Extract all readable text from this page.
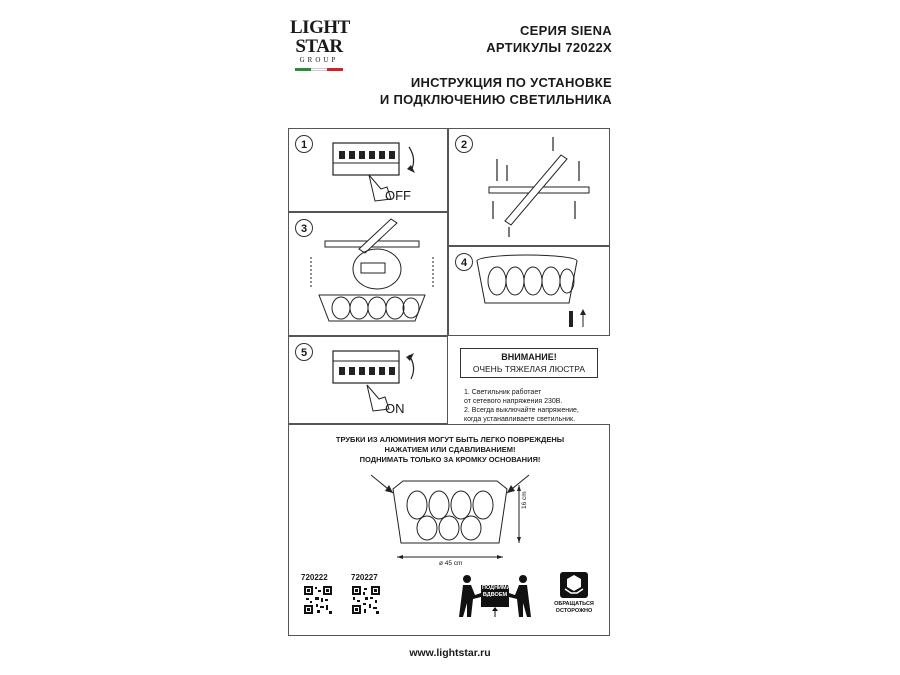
LIGHT
STAR
GROUP
СЕРИЯ SIENA
АРТИКУЛЫ 72022X
ИНСТРУКЦИЯ ПО УСТАНОВКЕ
И ПОДКЛЮЧЕНИЮ СВЕТИЛЬНИКА
1
OFF
2
3
4
5
ON
ВНИМАНИЕ!
ОЧЕНЬ ТЯЖЕЛАЯ ЛЮСТРА
1. Светильник работает
от сетевого напряжения 230В.
2. Всегда выключайте напряжение,
когда устанавливаете светильник.
ТРУБКИ ИЗ АЛЮМИНИЯ МОГУТ БЫТЬ ЛЕГКО ПОВРЕЖДЕНЫ
НАЖАТИЕМ ИЛИ СДАВЛИВАНИЕМ!
ПОДНИМАТЬ ТОЛЬКО ЗА КРОМКУ ОСНОВАНИЯ!
ø 45 cm
16 cm
720222	720227
ПОДНИМАТЬ
ВДВОЕМ
ОБРАЩАТЬСЯ
ОСТОРОЖНО
www.lightstar.ru
